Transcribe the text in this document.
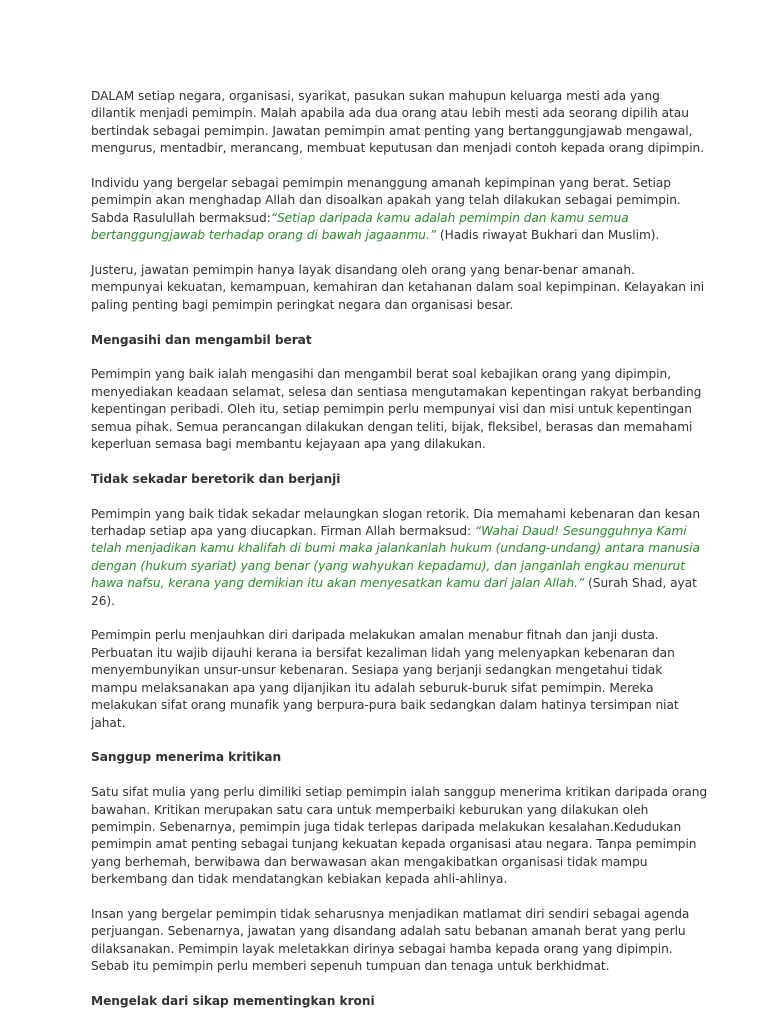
DALAM setiap negara, organisasi, syarikat, pasukan sukan mahupun keluarga mesti ada yang dilantik menjadi pemimpin. Malah apabila ada dua orang atau lebih mesti ada seorang dipilih atau bertindak sebagai pemimpin. Jawatan pemimpin amat penting yang bertanggungjawab mengawal, mengurus, mentadbir, merancang, membuat keputusan dan menjadi contoh kepada orang dipimpin.

Individu yang bergelar sebagai pemimpin menanggung amanah kepimpinan yang berat. Setiap pemimpin akan menghadap Allah dan disoalkan apakah yang telah dilakukan sebagai pemimpin. Sabda Rasulullah bermaksud:“Setiap daripada kamu adalah pemimpin dan kamu semua bertanggungjawab terhadap orang di bawah jagaanmu.” (Hadis riwayat Bukhari dan Muslim).

Justeru, jawatan pemimpin hanya layak disandang oleh orang yang benar-benar amanah. mempunyai kekuatan, kemampuan, kemahiran dan ketahanan dalam soal kepimpinan. Kelayakan ini paling penting bagi pemimpin peringkat negara dan organisasi besar.

Mengasihi dan mengambil berat

Pemimpin yang baik ialah mengasihi dan mengambil berat soal kebajikan orang yang dipimpin, menyediakan keadaan selamat, selesa dan sentiasa mengutamakan kepentingan rakyat berbanding kepentingan peribadi. Oleh itu, setiap pemimpin perlu mempunyai visi dan misi untuk kepentingan semua pihak. Semua perancangan dilakukan dengan teliti, bijak, fleksibel, berasas dan memahami keperluan semasa bagi membantu kejayaan apa yang dilakukan.

Tidak sekadar beretorik dan berjanji

Pemimpin yang baik tidak sekadar melaungkan slogan retorik. Dia memahami kebenaran dan kesan terhadap setiap apa yang diucapkan. Firman Allah bermaksud: “Wahai Daud! Sesungguhnya Kami telah menjadikan kamu khalifah di bumi maka jalankanlah hukum (undang-undang) antara manusia dengan (hukum syariat) yang benar (yang wahyukan kepadamu), dan janganlah engkau menurut hawa nafsu, kerana yang demikian itu akan menyesatkan kamu dari jalan Allah.” (Surah Shad, ayat 26).

Pemimpin perlu menjauhkan diri daripada melakukan amalan menabur fitnah dan janji dusta. Perbuatan itu wajib dijauhi kerana ia bersifat kezaliman lidah yang melenyapkan kebenaran dan menyembunyikan unsur-unsur kebenaran. Sesiapa yang berjanji sedangkan mengetahui tidak mampu melaksanakan apa yang dijanjikan itu adalah seburuk-buruk sifat pemimpin. Mereka melakukan sifat orang munafik yang berpura-pura baik sedangkan dalam hatinya tersimpan niat jahat.

Sanggup menerima kritikan

Satu sifat mulia yang perlu dimiliki setiap pemimpin ialah sanggup menerima kritikan daripada orang bawahan. Kritikan merupakan satu cara untuk memperbaiki keburukan yang dilakukan oleh pemimpin. Sebenarnya, pemimpin juga tidak terlepas daripada melakukan kesalahan.Kedudukan pemimpin amat penting sebagai tunjang kekuatan kepada organisasi atau negara. Tanpa pemimpin yang berhemah, berwibawa dan berwawasan akan mengakibatkan organisasi tidak mampu berkembang dan tidak mendatangkan kebiakan kepada ahli-ahlinya.

Insan yang bergelar pemimpin tidak seharusnya menjadikan matlamat diri sendiri sebagai agenda perjuangan. Sebenarnya, jawatan yang disandang adalah satu bebanan amanah berat yang perlu dilaksanakan. Pemimpin layak meletakkan dirinya sebagai hamba kepada orang yang dipimpin. Sebab itu pemimpin perlu memberi sepenuh tumpuan dan tenaga untuk berkhidmat.

Mengelak dari sikap mementingkan kroni
